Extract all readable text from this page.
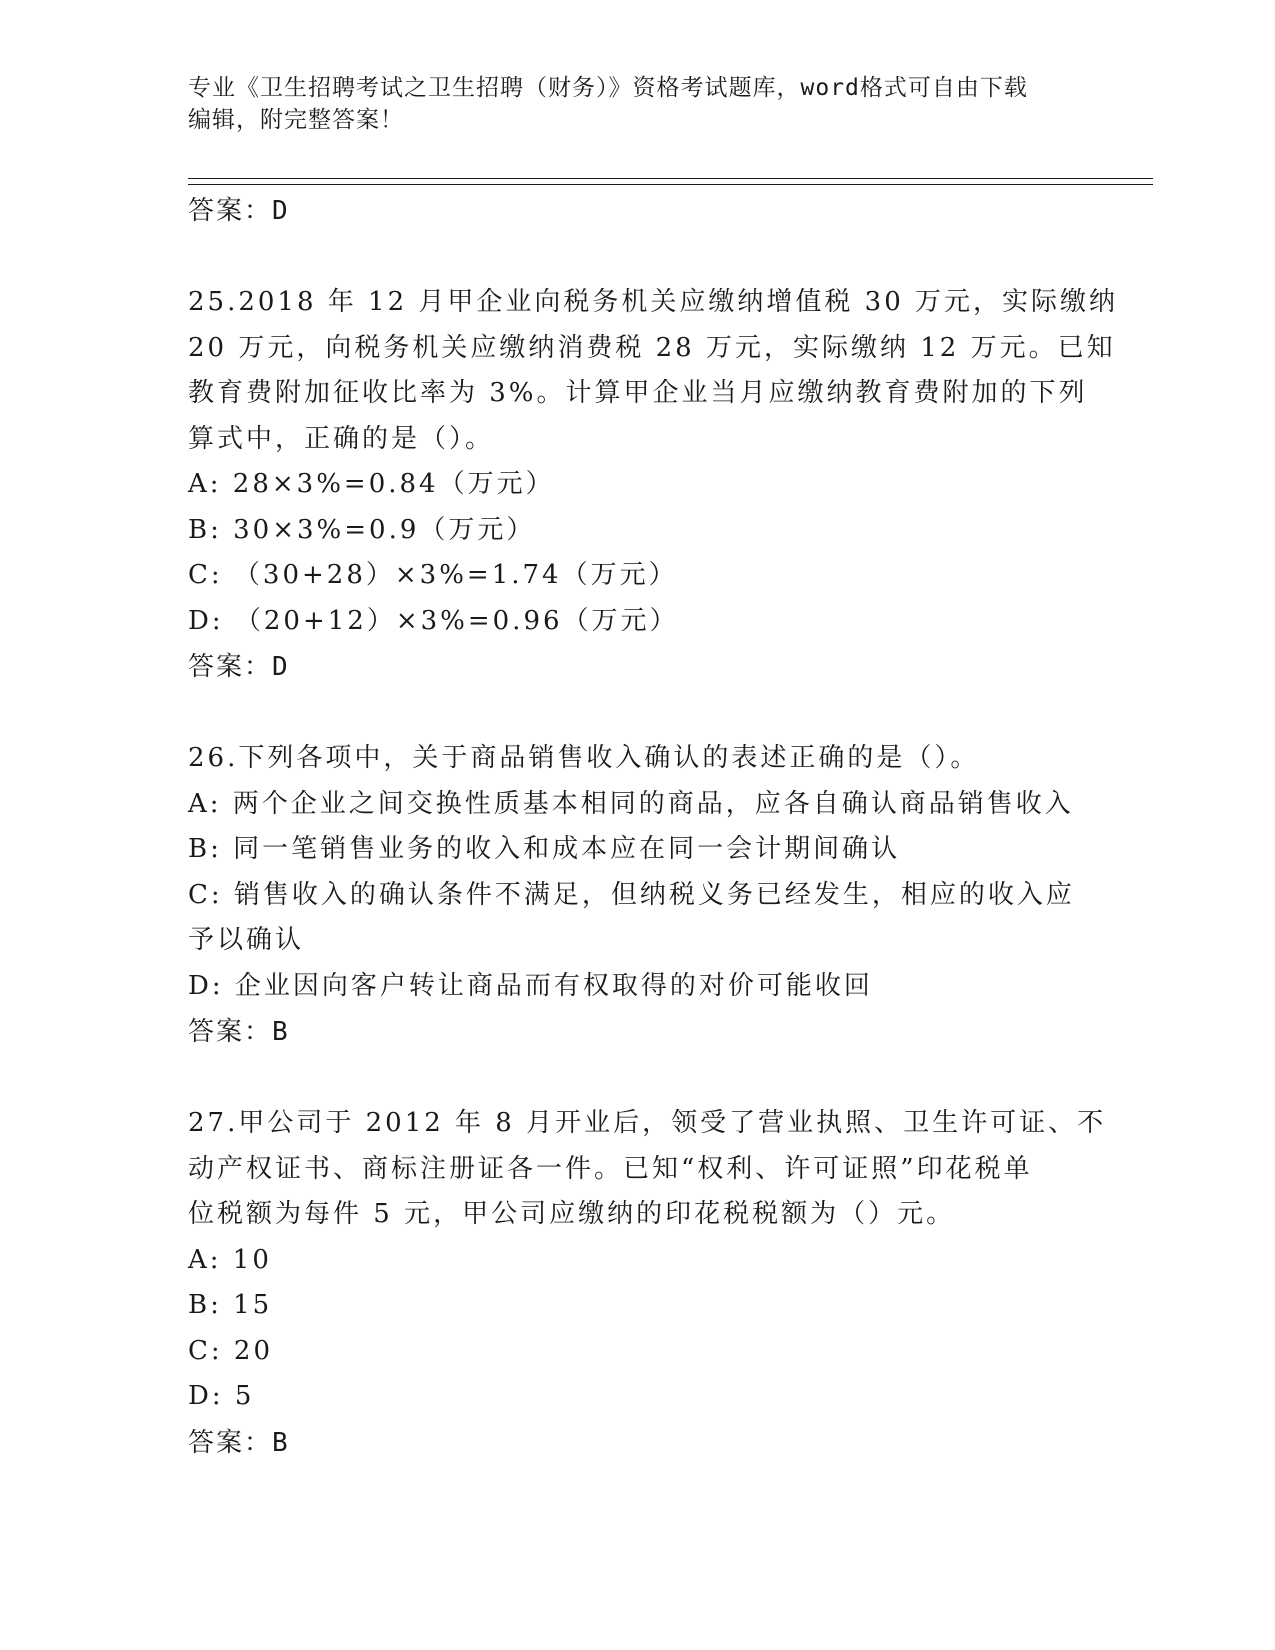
专业《卫生招聘考试之卫生招聘（财务）》资格考试题库，word格式可自由下载
编辑，附完整答案！
答案：D
25.2018 年 12 月甲企业向税务机关应缴纳增值税 30 万元，实际缴纳
20 万元，向税务机关应缴纳消费税 28 万元，实际缴纳 12 万元。已知
教育费附加征收比率为 3%。计算甲企业当月应缴纳教育费附加的下列
算式中，正确的是（）。
A: 28×3%=0.84（万元）
B: 30×3%=0.9（万元）
C: （30+28）×3%=1.74（万元）
D: （20+12）×3%=0.96（万元）
答案：D
26.下列各项中，关于商品销售收入确认的表述正确的是（）。
A: 两个企业之间交换性质基本相同的商品，应各自确认商品销售收入
B: 同一笔销售业务的收入和成本应在同一会计期间确认
C: 销售收入的确认条件不满足，但纳税义务已经发生，相应的收入应
予以确认
D: 企业因向客户转让商品而有权取得的对价可能收回
答案：B
27.甲公司于 2012 年 8 月开业后，领受了营业执照、卫生许可证、不
动产权证书、商标注册证各一件。已知“权利、许可证照”印花税单
位税额为每件 5 元，甲公司应缴纳的印花税税额为（）元。
A: 10
B: 15
C: 20
D: 5
答案：B
